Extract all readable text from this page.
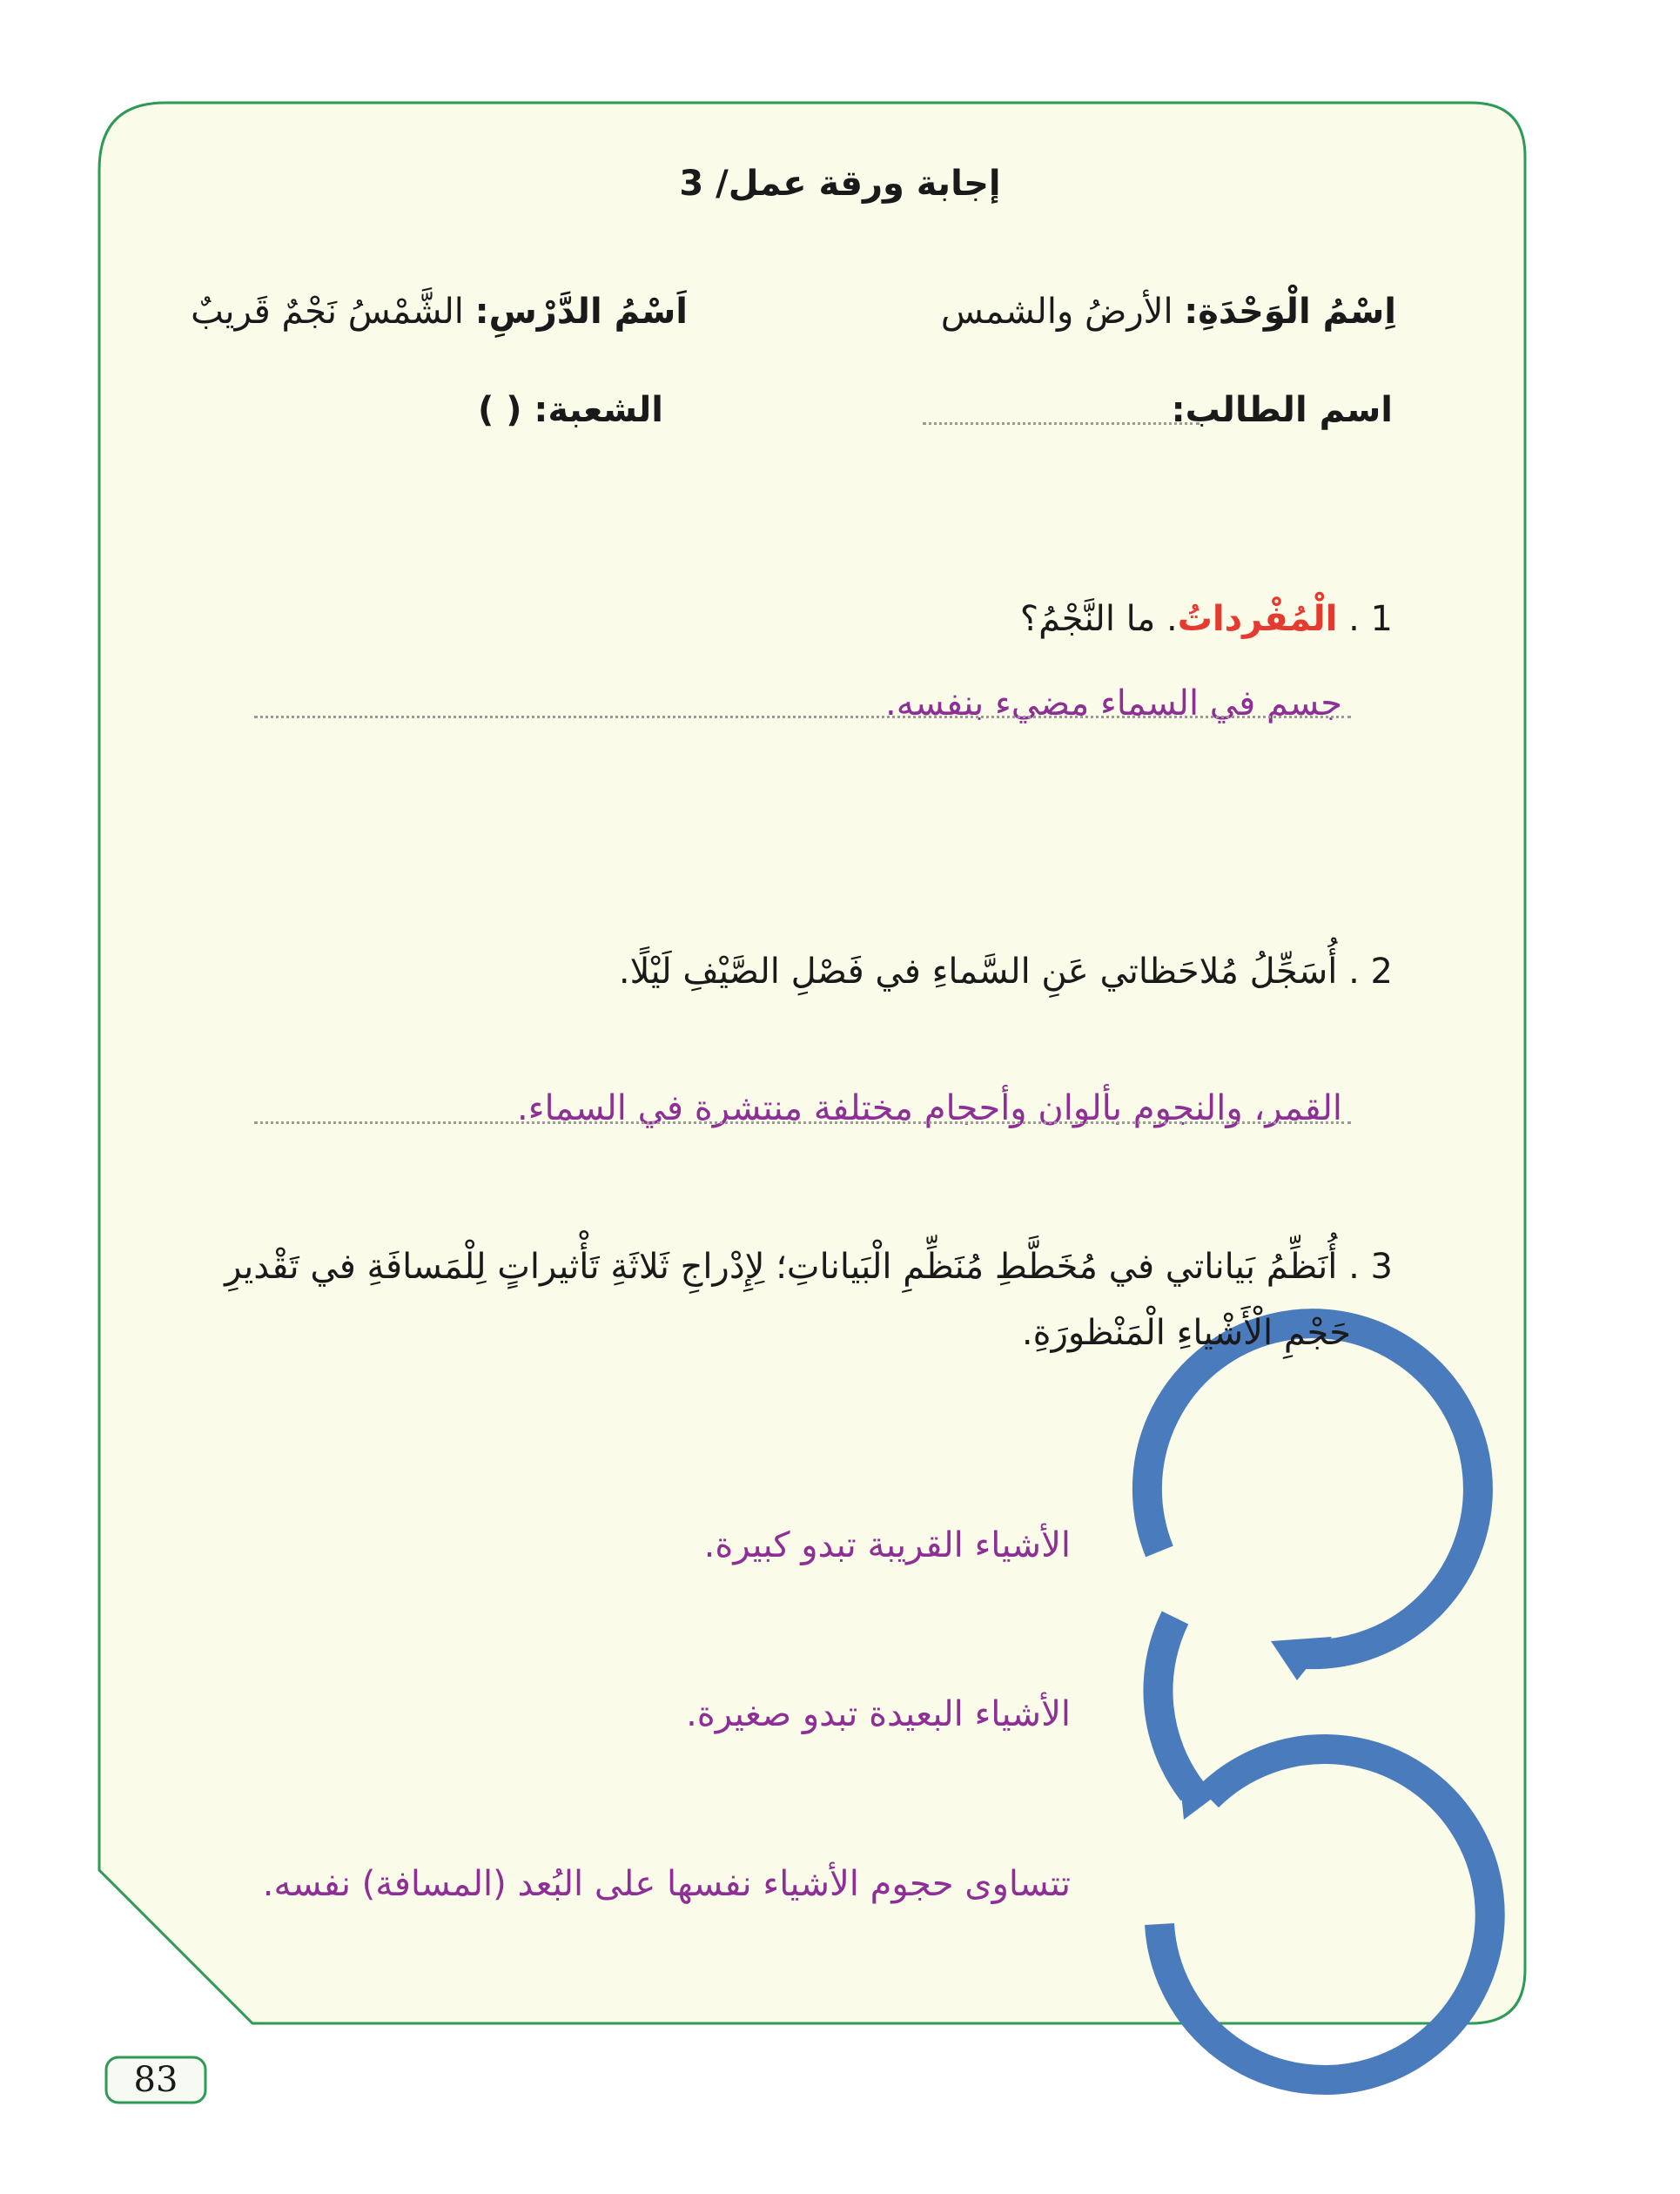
إجابة ورقة عمل/ 3
اِسْمُ الْوَحْدَةِ: الأرضُ والشمس
اَسْمُ الدَّرْسِ: الشَّمْسُ نَجْمٌ قَريبٌ
اسم الطالب:
الشعبة: ( )
1 . الْمُفْرداتُ. ما النَّجْمُ؟
جسم في السماء مضيء بنفسه.
2 . أُسَجِّلُ مُلاحَظاتي عَنِ السَّماءِ في فَصْلِ الصَّيْفِ لَيْلًا.
القمر، والنجوم بألوان وأحجام مختلفة منتشرة في السماء.
3 . أُنَظِّمُ بَياناتي في مُخَطَّطِ مُنَظِّمِ الْبَياناتِ؛ لِإِدْراجِ ثَلاثَةِ تَأْثيراتٍ لِلْمَسافَةِ في تَقْديرِ
حَجْمِ الْأَشْياءِ الْمَنْظورَةِ.
الأشياء القريبة تبدو كبيرة.
الأشياء البعيدة تبدو صغيرة.
تتساوى حجوم الأشياء نفسها على البُعد (المسافة) نفسه.
83
